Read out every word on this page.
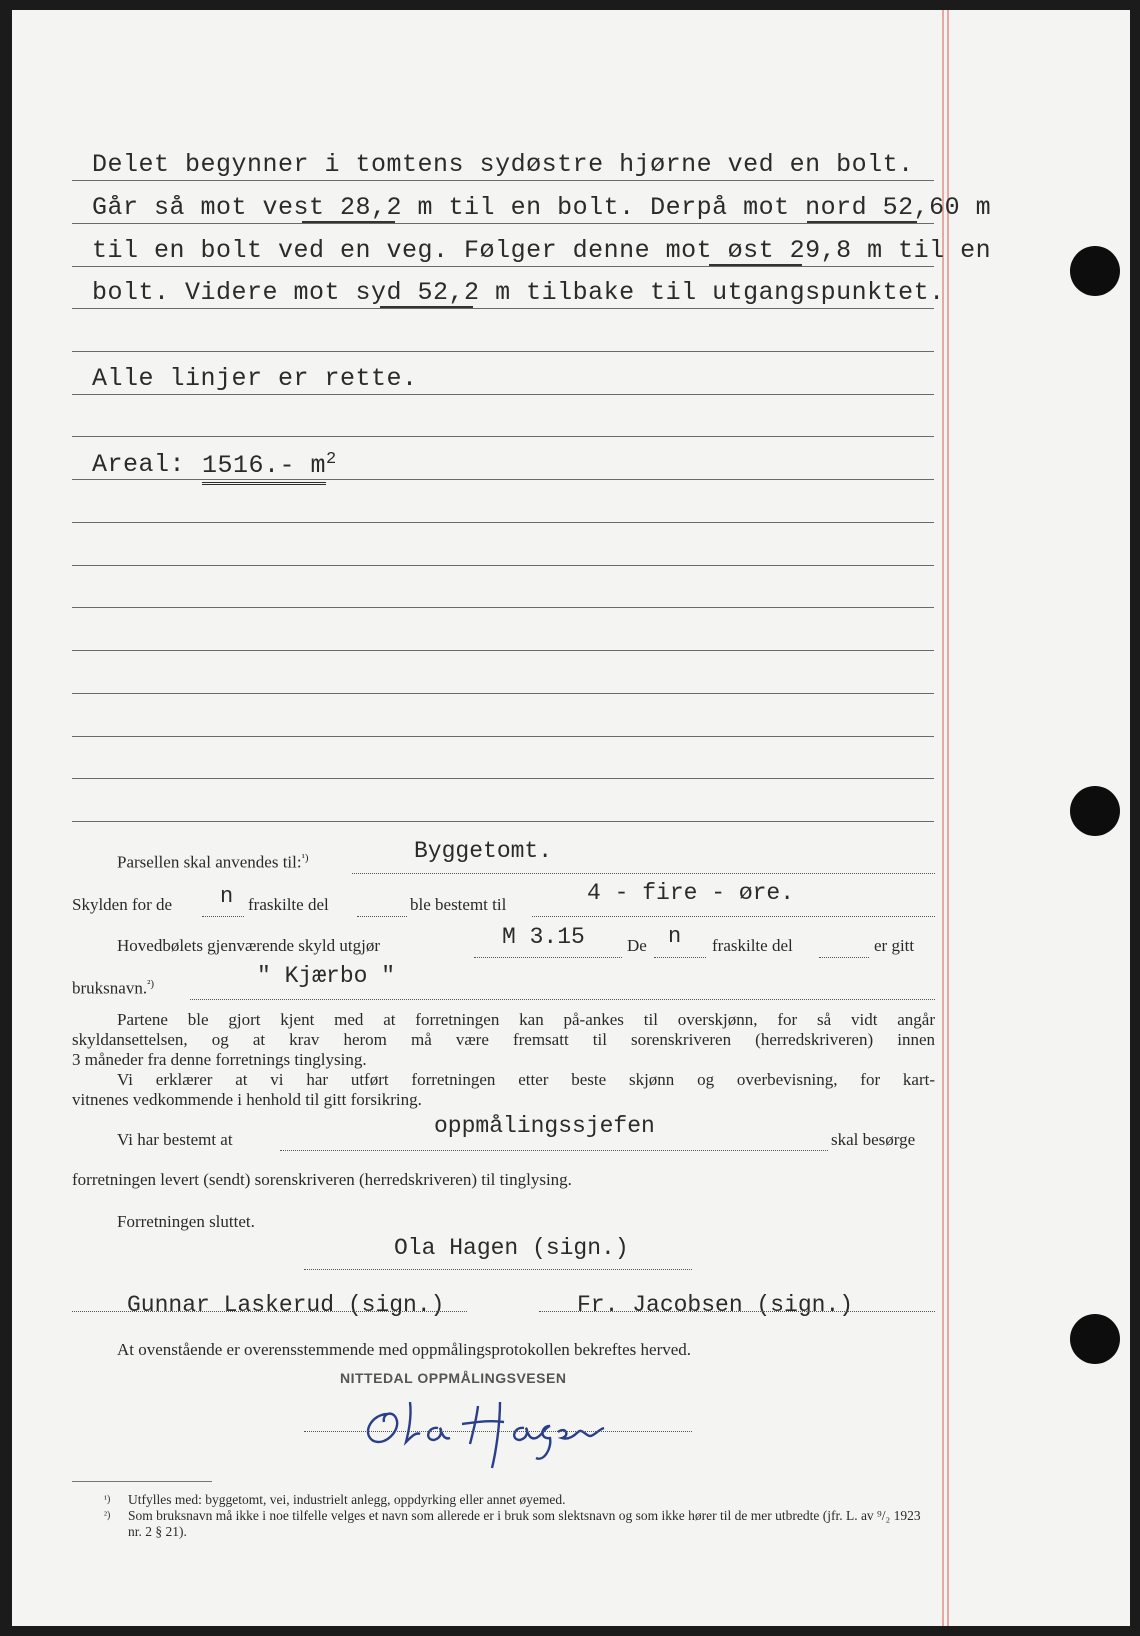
Delet begynner i tomtens sydøstre hjørne ved en bolt.
Går så mot vest 28,2 m til en bolt. Derpå mot nord 52,60 m
til en bolt ved en veg. Følger denne mot øst 29,8 m til en
bolt. Videre mot syd 52,2 m tilbake til utgangspunktet.
Alle linjer er rette.
Areal: 1516.- $m^2$
Parsellen skal anvendes til:$^{^1)}$	Byggetomt.
Skylden for de n fraskilte del	ble bestemt til	4 - fire - øre.
Hovedbølets gjenværende skyld utgjør	M 3.15 De n fraskilte del	er gitt
bruksnavn.$^{^2)}$	" Kjærbo "

Partene ble gjort kjent med at forretningen kan på-ankes til overskjønn, for så vidt angår

skyldansettelsen, og at krav herom må være fremsatt til sorenskriveren (herredskriveren) innen

3 måneder fra denne forretnings tinglysing.

Vi erklærer at vi har utført forretningen etter beste skjønn og overbevisning, for kart-

vitnenes vedkommende i henhold til gitt forsikring.

Vi har bestemt at
oppmålingssjefen
skal besørge
forretningen levert (sendt) sorenskriveren (herredskriveren) til tinglysing.
Forretningen sluttet.
Ola Hagen (sign.)
Gunnar Laskerud (sign.)	Fr. Jacobsen (sign.)
At ovenstående er overensstemmende med oppmålingsprotokollen bekreftes herved.
NITTEDAL OPPMÅLINGSVESEN
¹)	Utfylles med: byggetomt, vei, industrielt anlegg, oppdyrking eller annet øyemed.
²)	Som bruksnavn må ikke i noe tilfelle velges et navn som allerede er i bruk som slektsnavn og som ikke hører til de mer utbredte (jfr. L. av ⁹/₂ 1923 nr. 2 § 21).
